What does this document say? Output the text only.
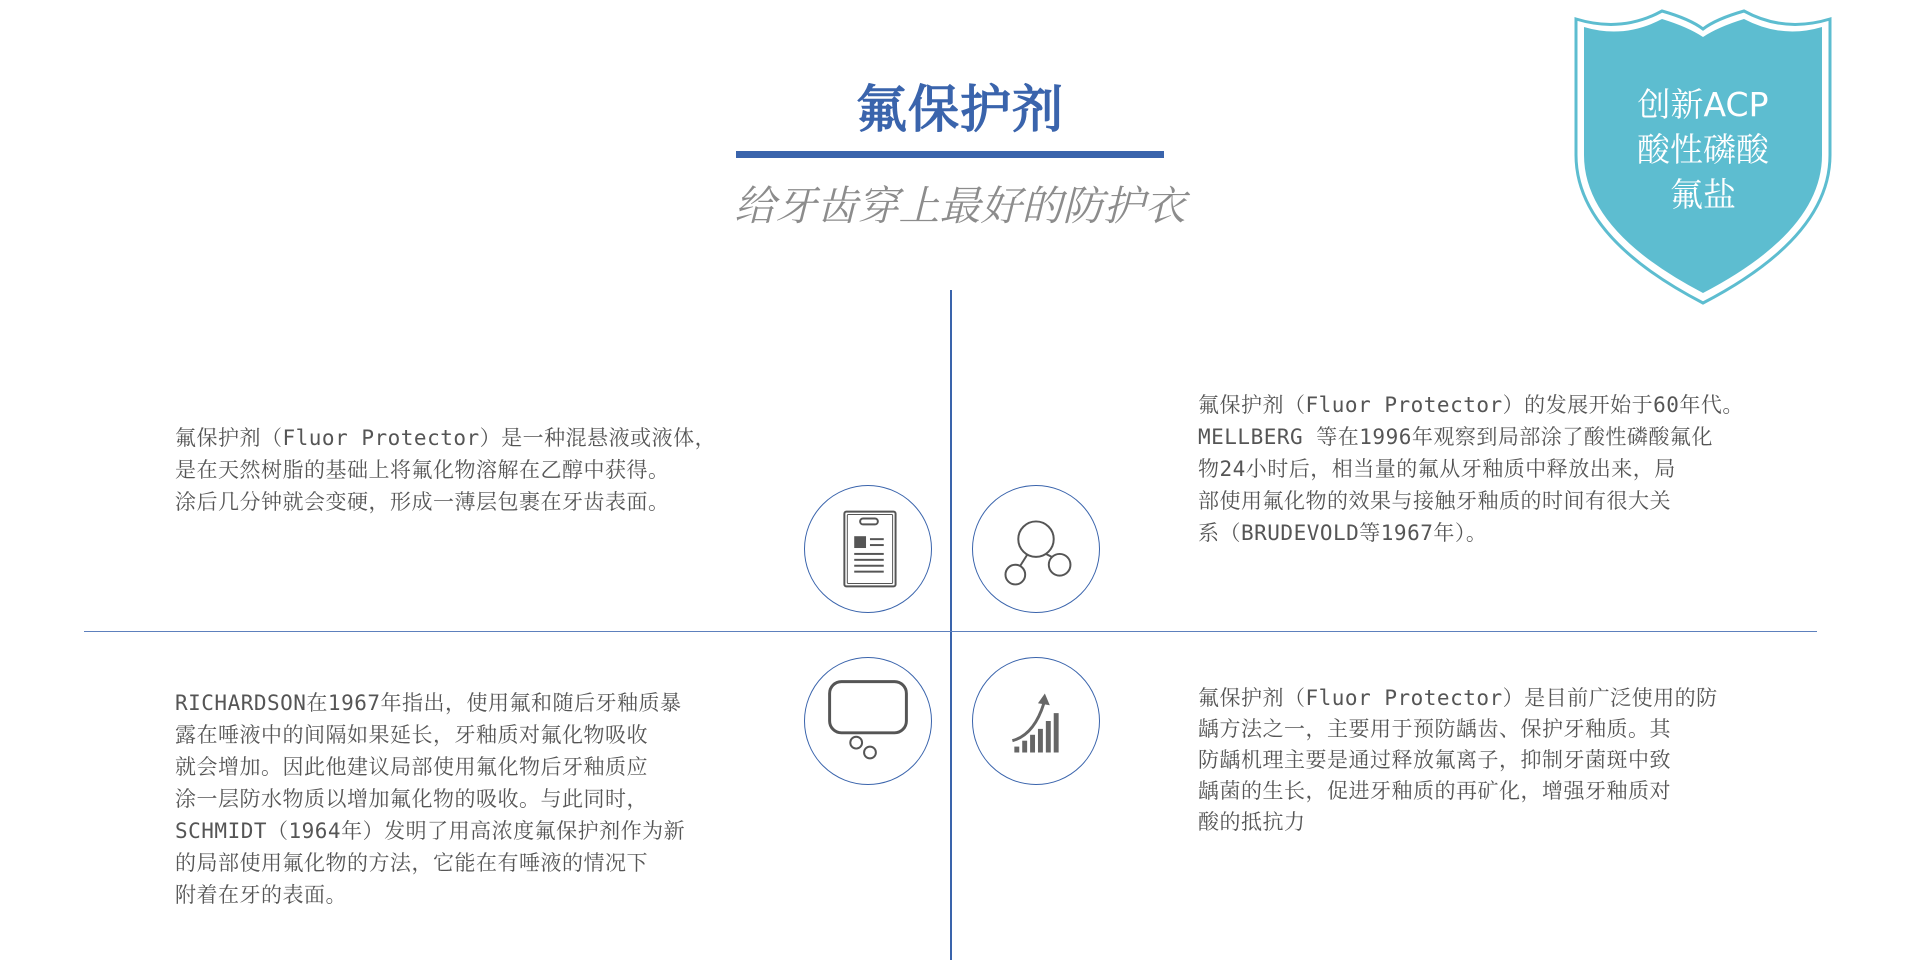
氟保护剂

给牙齿穿上最好的防护衣

创新ACP
酸性磷酸
氟盐

氟保护剂（Fluor Protector）是一种混悬液或液体，
是在天然树脂的基础上将氟化物溶解在乙醇中获得。
涂后几分钟就会变硬，形成一薄层包裹在牙齿表面。

氟保护剂（Fluor Protector）的发展开始于60年代。
MELLBERG 等在1996年观察到局部涂了酸性磷酸氟化
物24小时后，相当量的氟从牙釉质中释放出来，局
部使用氟化物的效果与接触牙釉质的时间有很大关
系（BRUDEVOLD等1967年）。

RICHARDSON在1967年指出，使用氟和随后牙釉质暴
露在唾液中的间隔如果延长，牙釉质对氟化物吸收
就会增加。因此他建议局部使用氟化物后牙釉质应
涂一层防水物质以增加氟化物的吸收。与此同时，
SCHMIDT（1964年）发明了用高浓度氟保护剂作为新
的局部使用氟化物的方法，它能在有唾液的情况下
附着在牙的表面。

氟保护剂（Fluor Protector）是目前广泛使用的防
龋方法之一，主要用于预防龋齿、保护牙釉质。其
防龋机理主要是通过释放氟离子，抑制牙菌斑中致
龋菌的生长，促进牙釉质的再矿化，增强牙釉质对
酸的抵抗力
